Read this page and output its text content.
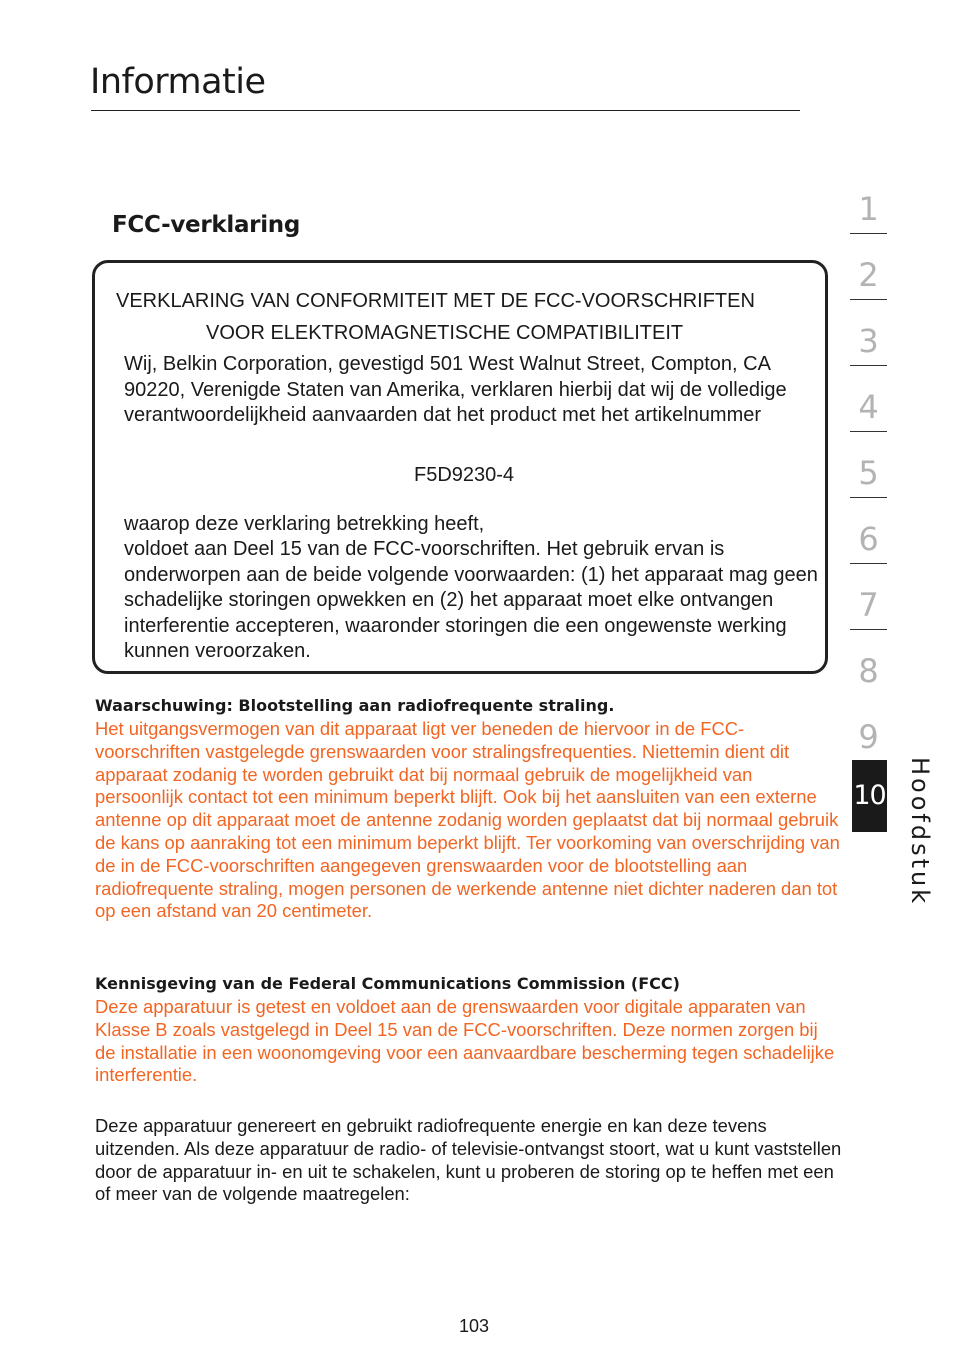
Informatie
FCC-verklaring
VERKLARING VAN CONFORMITEIT MET DE FCC-VOORSCHRIFTEN
VOOR ELEKTROMAGNETISCHE COMPATIBILITEIT

Wij, Belkin Corporation, gevestigd 501 West Walnut Street, Compton, CA 90220, Verenigde Staten van Amerika, verklaren hierbij dat wij de volledige verantwoordelijkheid aanvaarden dat het product met het artikelnummer

F5D9230-4

waarop deze verklaring betrekking heeft,

voldoet aan Deel 15 van de FCC-voorschriften. Het gebruik ervan is onderworpen aan de beide volgende voorwaarden: (1) het apparaat mag geen schadelijke storingen opwekken en (2) het apparaat moet elke ontvangen interferentie accepteren, waaronder storingen die een ongewenste werking kunnen veroorzaken.

Waarschuwing: Blootstelling aan radiofrequente straling.

Het uitgangsvermogen van dit apparaat ligt ver beneden de hiervoor in de FCC-voorschriften vastgelegde grenswaarden voor stralingsfrequenties. Niettemin dient dit apparaat zodanig te worden gebruikt dat bij normaal gebruik de mogelijkheid van persoonlijk contact tot een minimum beperkt blijft. Ook bij het aansluiten van een externe antenne op dit apparaat moet de antenne zodanig worden geplaatst dat bij normaal gebruik de kans op aanraking tot een minimum beperkt blijft. Ter voorkoming van overschrijding van de in de FCC-voorschriften aangegeven grenswaarden voor de blootstelling aan radiofrequente straling, mogen personen de werkende antenne niet dichter naderen dan tot op een afstand van 20 centimeter.

Kennisgeving van de Federal Communications Commission (FCC)

Deze apparatuur is getest en voldoet aan de grenswaarden voor digitale apparaten van Klasse B zoals vastgelegd in Deel 15 van de FCC-voorschriften. Deze normen zorgen bij de installatie in een woonomgeving voor een aanvaardbare bescherming tegen schadelijke interferentie.

Deze apparatuur genereert en gebruikt radiofrequente energie en kan deze tevens uitzenden. Als deze apparatuur de radio- of televisie-ontvangst stoort, wat u kunt vaststellen door de apparatuur in- en uit te schakelen, kunt u proberen de storing op te heffen met een of meer van de volgende maatregelen:

103
1
2
3
4
5
6
7
8
9
10 Hoofdstuk
